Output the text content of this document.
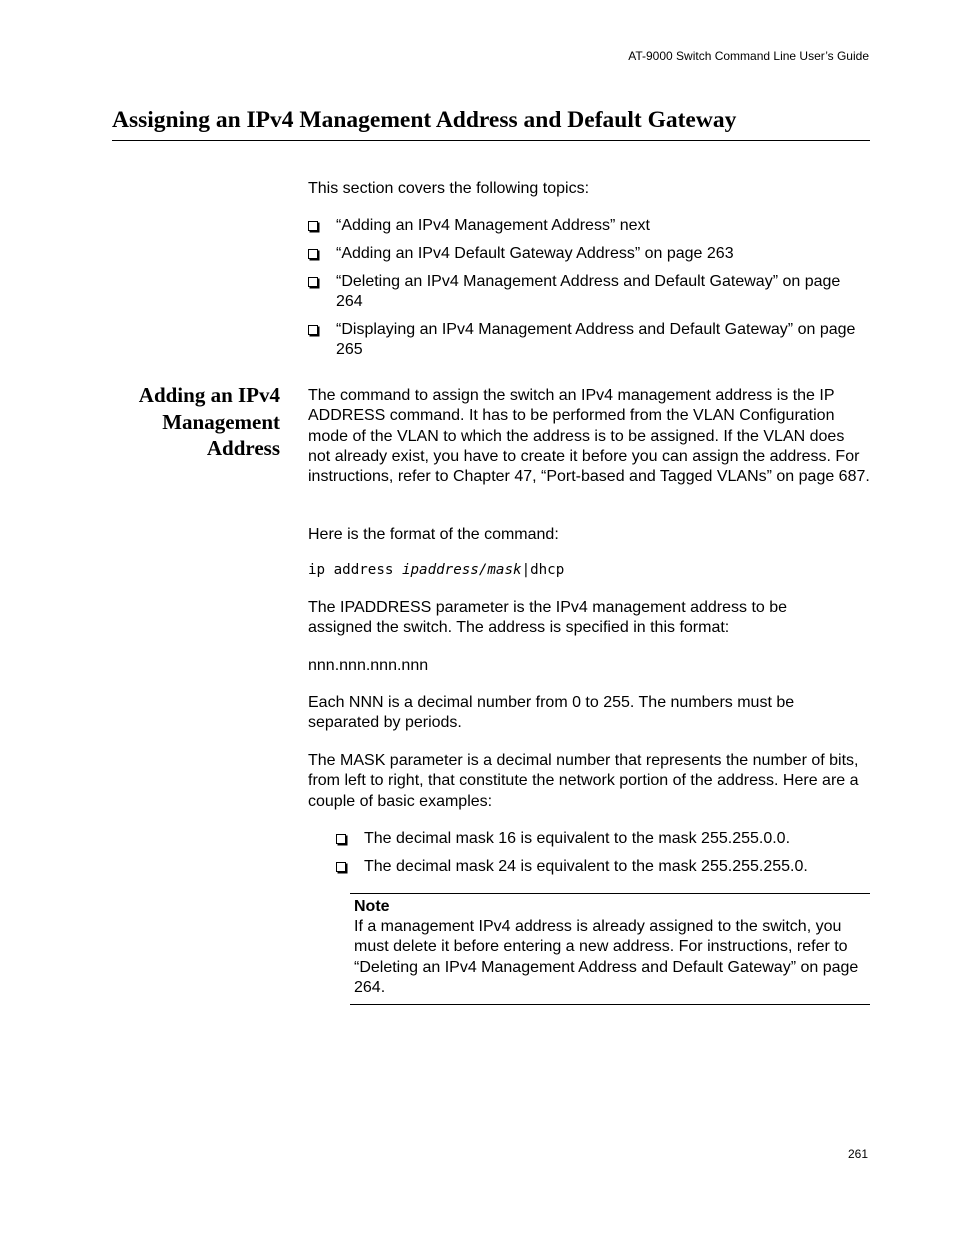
AT-9000 Switch Command Line User’s Guide
Assigning an IPv4 Management Address and Default Gateway

This section covers the following topics:

“Adding an IPv4 Management Address” next
“Adding an IPv4 Default Gateway Address” on page 263
“Deleting an IPv4 Management Address and Default Gateway” on page 264
“Displaying an IPv4 Management Address and Default Gateway” on page 265
Adding an IPv4
Management
Address

The command to assign the switch an IPv4 management address is the IP ADDRESS command. It has to be performed from the VLAN Configuration mode of the VLAN to which the address is to be assigned. If the VLAN does not already exist, you have to create it before you can assign the address. For instructions, refer to Chapter 47, “Port-based and Tagged VLANs” on page 687.

Here is the format of the command:

ip address ipaddress/mask|dhcp

The IPADDRESS parameter is the IPv4 management address to be assigned the switch. The address is specified in this format:

nnn.nnn.nnn.nnn

Each NNN is a decimal number from 0 to 255. The numbers must be separated by periods.

The MASK parameter is a decimal number that represents the number of bits, from left to right, that constitute the network portion of the address. Here are a couple of basic examples:

The decimal mask 16 is equivalent to the mask 255.255.0.0.
The decimal mask 24 is equivalent to the mask 255.255.255.0.
Note
If a management IPv4 address is already assigned to the switch, you must delete it before entering a new address. For instructions, refer to “Deleting an IPv4 Management Address and Default Gateway” on page 264.
261
